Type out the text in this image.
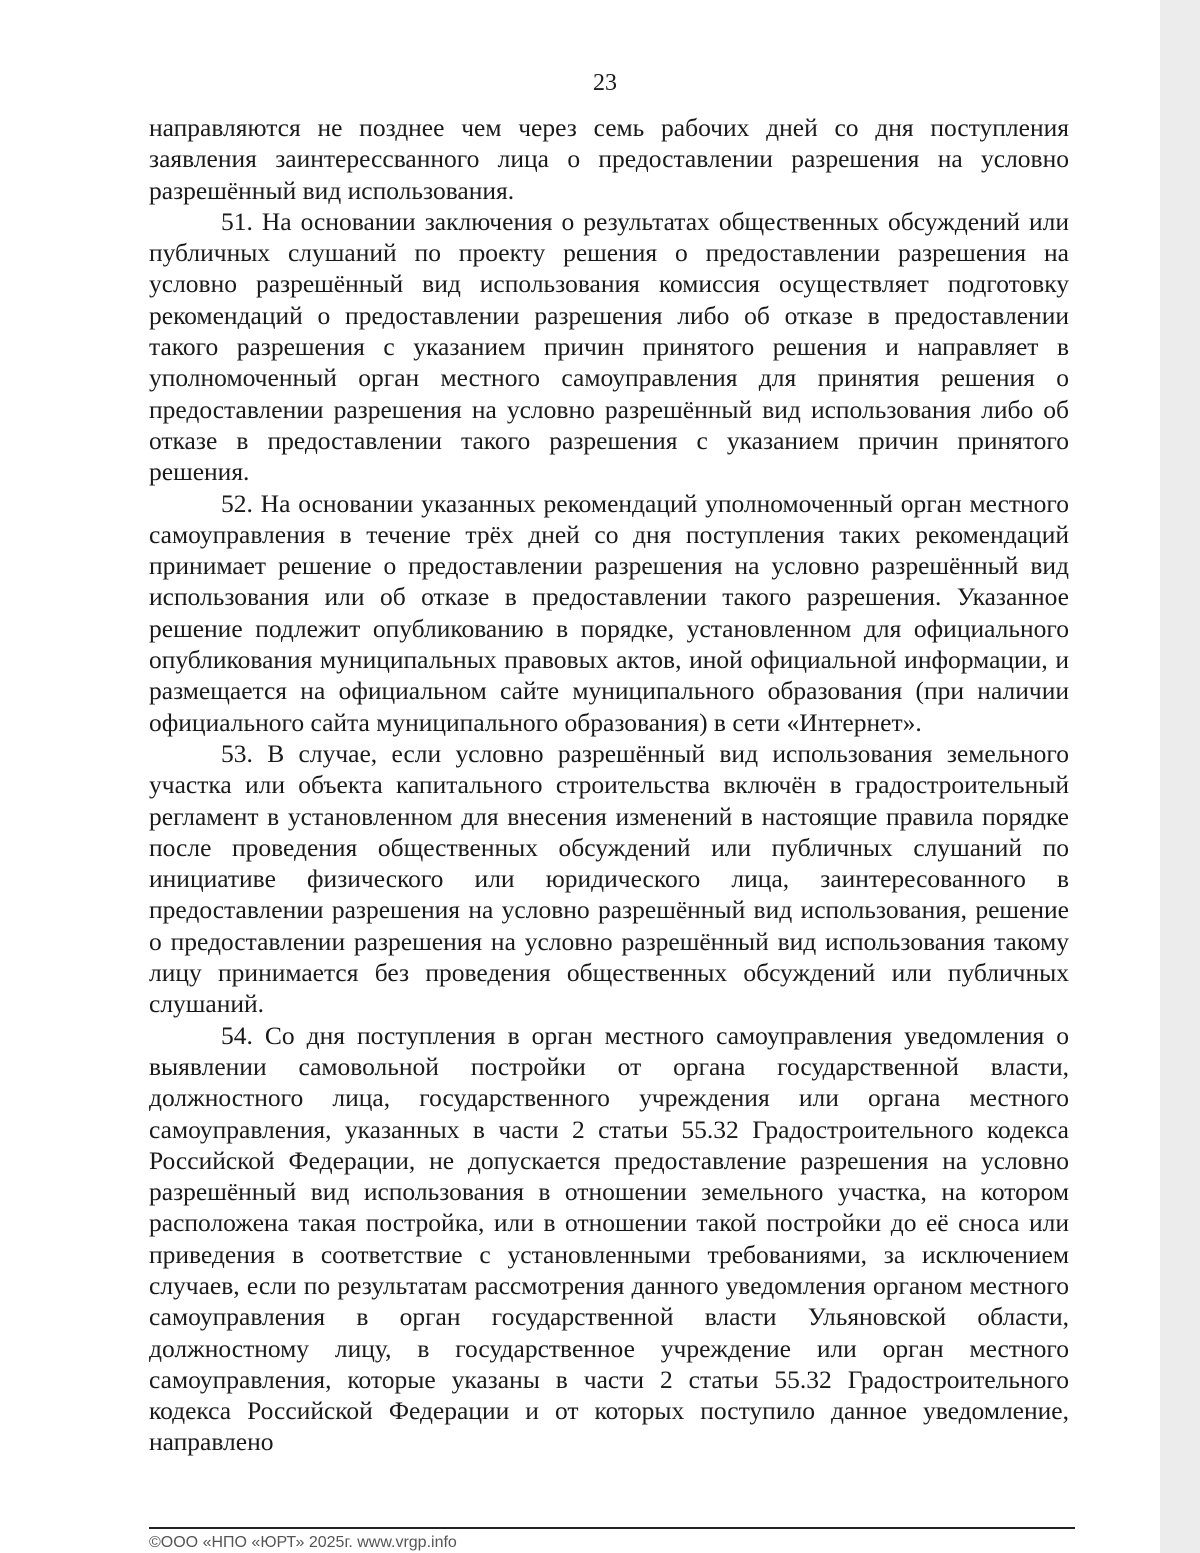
23

направляются не позднее чем через семь рабочих дней со дня поступления заявления заинтерессванного лица о предоставлении разрешения на условно разрешённый вид использования.

51. На основании заключения о результатах общественных обсуждений или публичных слушаний по проекту решения о предоставлении разрешения на условно разрешённый вид использования комиссия осуществляет подготовку рекомендаций о предоставлении разрешения либо об отказе в предоставлении такого разрешения с указанием причин принятого решения и направляет в уполномоченный орган местного самоуправления для принятия решения о предоставлении разрешения на условно разрешённый вид использования либо об отказе в предоставлении такого разрешения с указанием причин принятого решения.

52. На основании указанных рекомендаций уполномоченный орган местного самоуправления в течение трёх дней со дня поступления таких рекомендаций принимает решение о предоставлении разрешения на условно разрешённый вид использования или об отказе в предоставлении такого разрешения. Указанное решение подлежит опубликованию в порядке, установленном для официального опубликования муниципальных правовых актов, иной официальной информации, и размещается на официальном сайте муниципального образования (при наличии официального сайта муниципального образования) в сети «Интернет».

53. В случае, если условно разрешённый вид использования земельного участка или объекта капитального строительства включён в градостроительный регламент в установленном для внесения изменений в настоящие правила порядке после проведения общественных обсуждений или публичных слушаний по инициативе физического или юридического лица, заинтересованного в предоставлении разрешения на условно разрешённый вид использования, решение о предоставлении разрешения на условно разрешённый вид использования такому лицу принимается без проведения общественных обсуждений или публичных слушаний.

54. Со дня поступления в орган местного самоуправления уведомления о выявлении самовольной постройки от органа государственной власти, должностного лица, государственного учреждения или органа местного самоуправления, указанных в части 2 статьи 55.32 Градостроительного кодекса Российской Федерации, не допускается предоставление разрешения на условно разрешённый вид использования в отношении земельного участка, на котором расположена такая постройка, или в отношении такой постройки до её сноса или приведения в соответствие с установленными требованиями, за исключением случаев, если по результатам рассмотрения данного уведомления органом местного самоуправления в орган государственной власти Ульяновской области, должностному лицу, в государственное учреждение или орган местного самоуправления, которые указаны в части 2 статьи 55.32 Градостроительного кодекса Российской Федерации и от которых поступило данное уведомление, направлено

©ООО «НПО «ЮРТ» 2025г. www.vrgp.info
